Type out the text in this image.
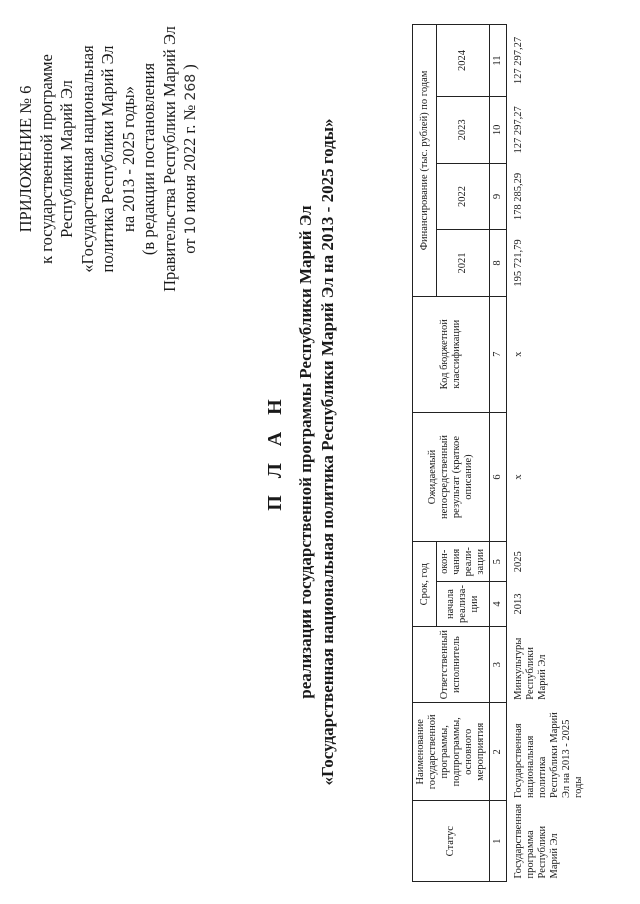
ПРИЛОЖЕНИЕ № 6 к государственной программе Республики Марий Эл «Государственная национальная политика Республики Марий Эл на 2013 - 2025 годы» (в редакции постановления Правительства Республики Марий Эл от 10 июня 2022 г. № 268 )
П Л А Н реализации государственной программы Республики Марий Эл «Государственная национальная политика Республики Марий Эл на 2013 - 2025 годы»
Статус	Наименование государственной программы, подпрограммы, основного мероприятия	Ответственный исполнитель	Срок, год		Ожидаемый непосредственный результат (краткое описание)	Код бюджетной классификации	Финансирование (тыс. рублей) по годам			
			начала реализа-ции	окон-чания реали-зации			2021	2022	2023	2024
1	2	3	4	5	6	7	8	9	10	11
Государственная программа Республики Марий Эл	Государственная национальная политика Республики Марий Эл на 2013 - 2025 годы	Минкультуры Республики Марий Эл	2013	2025	х	х	195 721,79	178 285,29	127 297,27	127 297,27
